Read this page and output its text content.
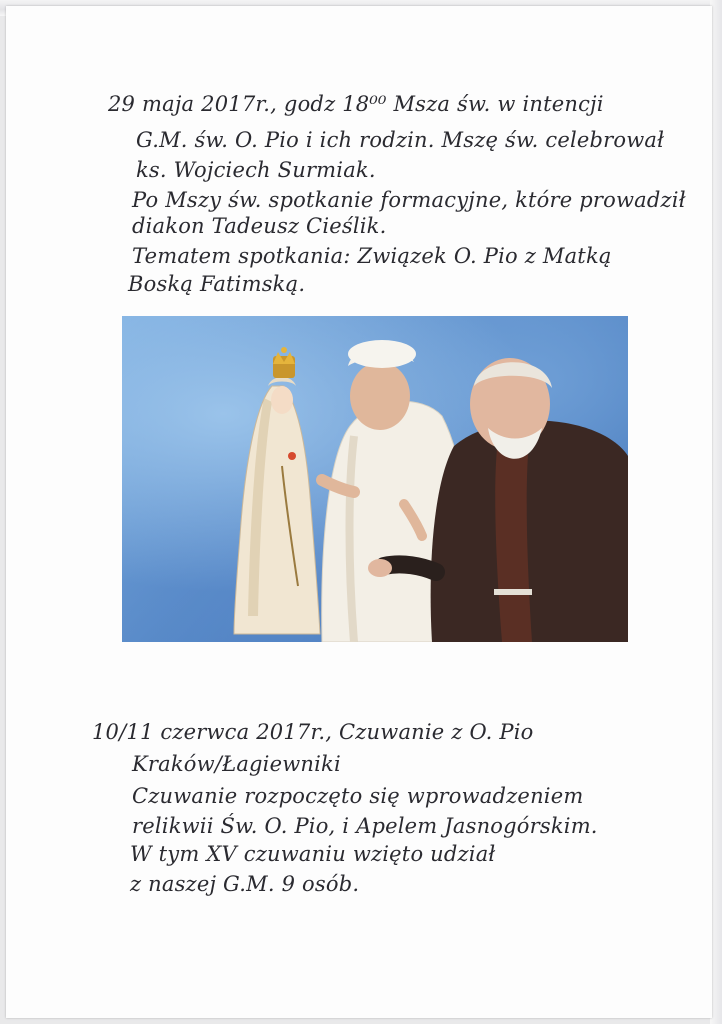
29 maja 2017r., godz 18⁰⁰ Msza św. w intencji
G.M. św. O. Pio i ich rodzin. Mszę św. celebrował
ks. Wojciech Surmiak.
Po Mszy św. spotkanie formacyjne, które prowadził
diakon Tadeusz Cieślik.
Tematem spotkania: Związek O. Pio z Matką
Boską Fatimską.
10/11 czerwca 2017r., Czuwanie z O. Pio
Kraków/Łagiewniki
Czuwanie rozpoczęto się wprowadzeniem
relikwii Św. O. Pio, i Apelem Jasnogórskim.
W tym XV czuwaniu wzięto udział
z naszej G.M. 9 osób.
